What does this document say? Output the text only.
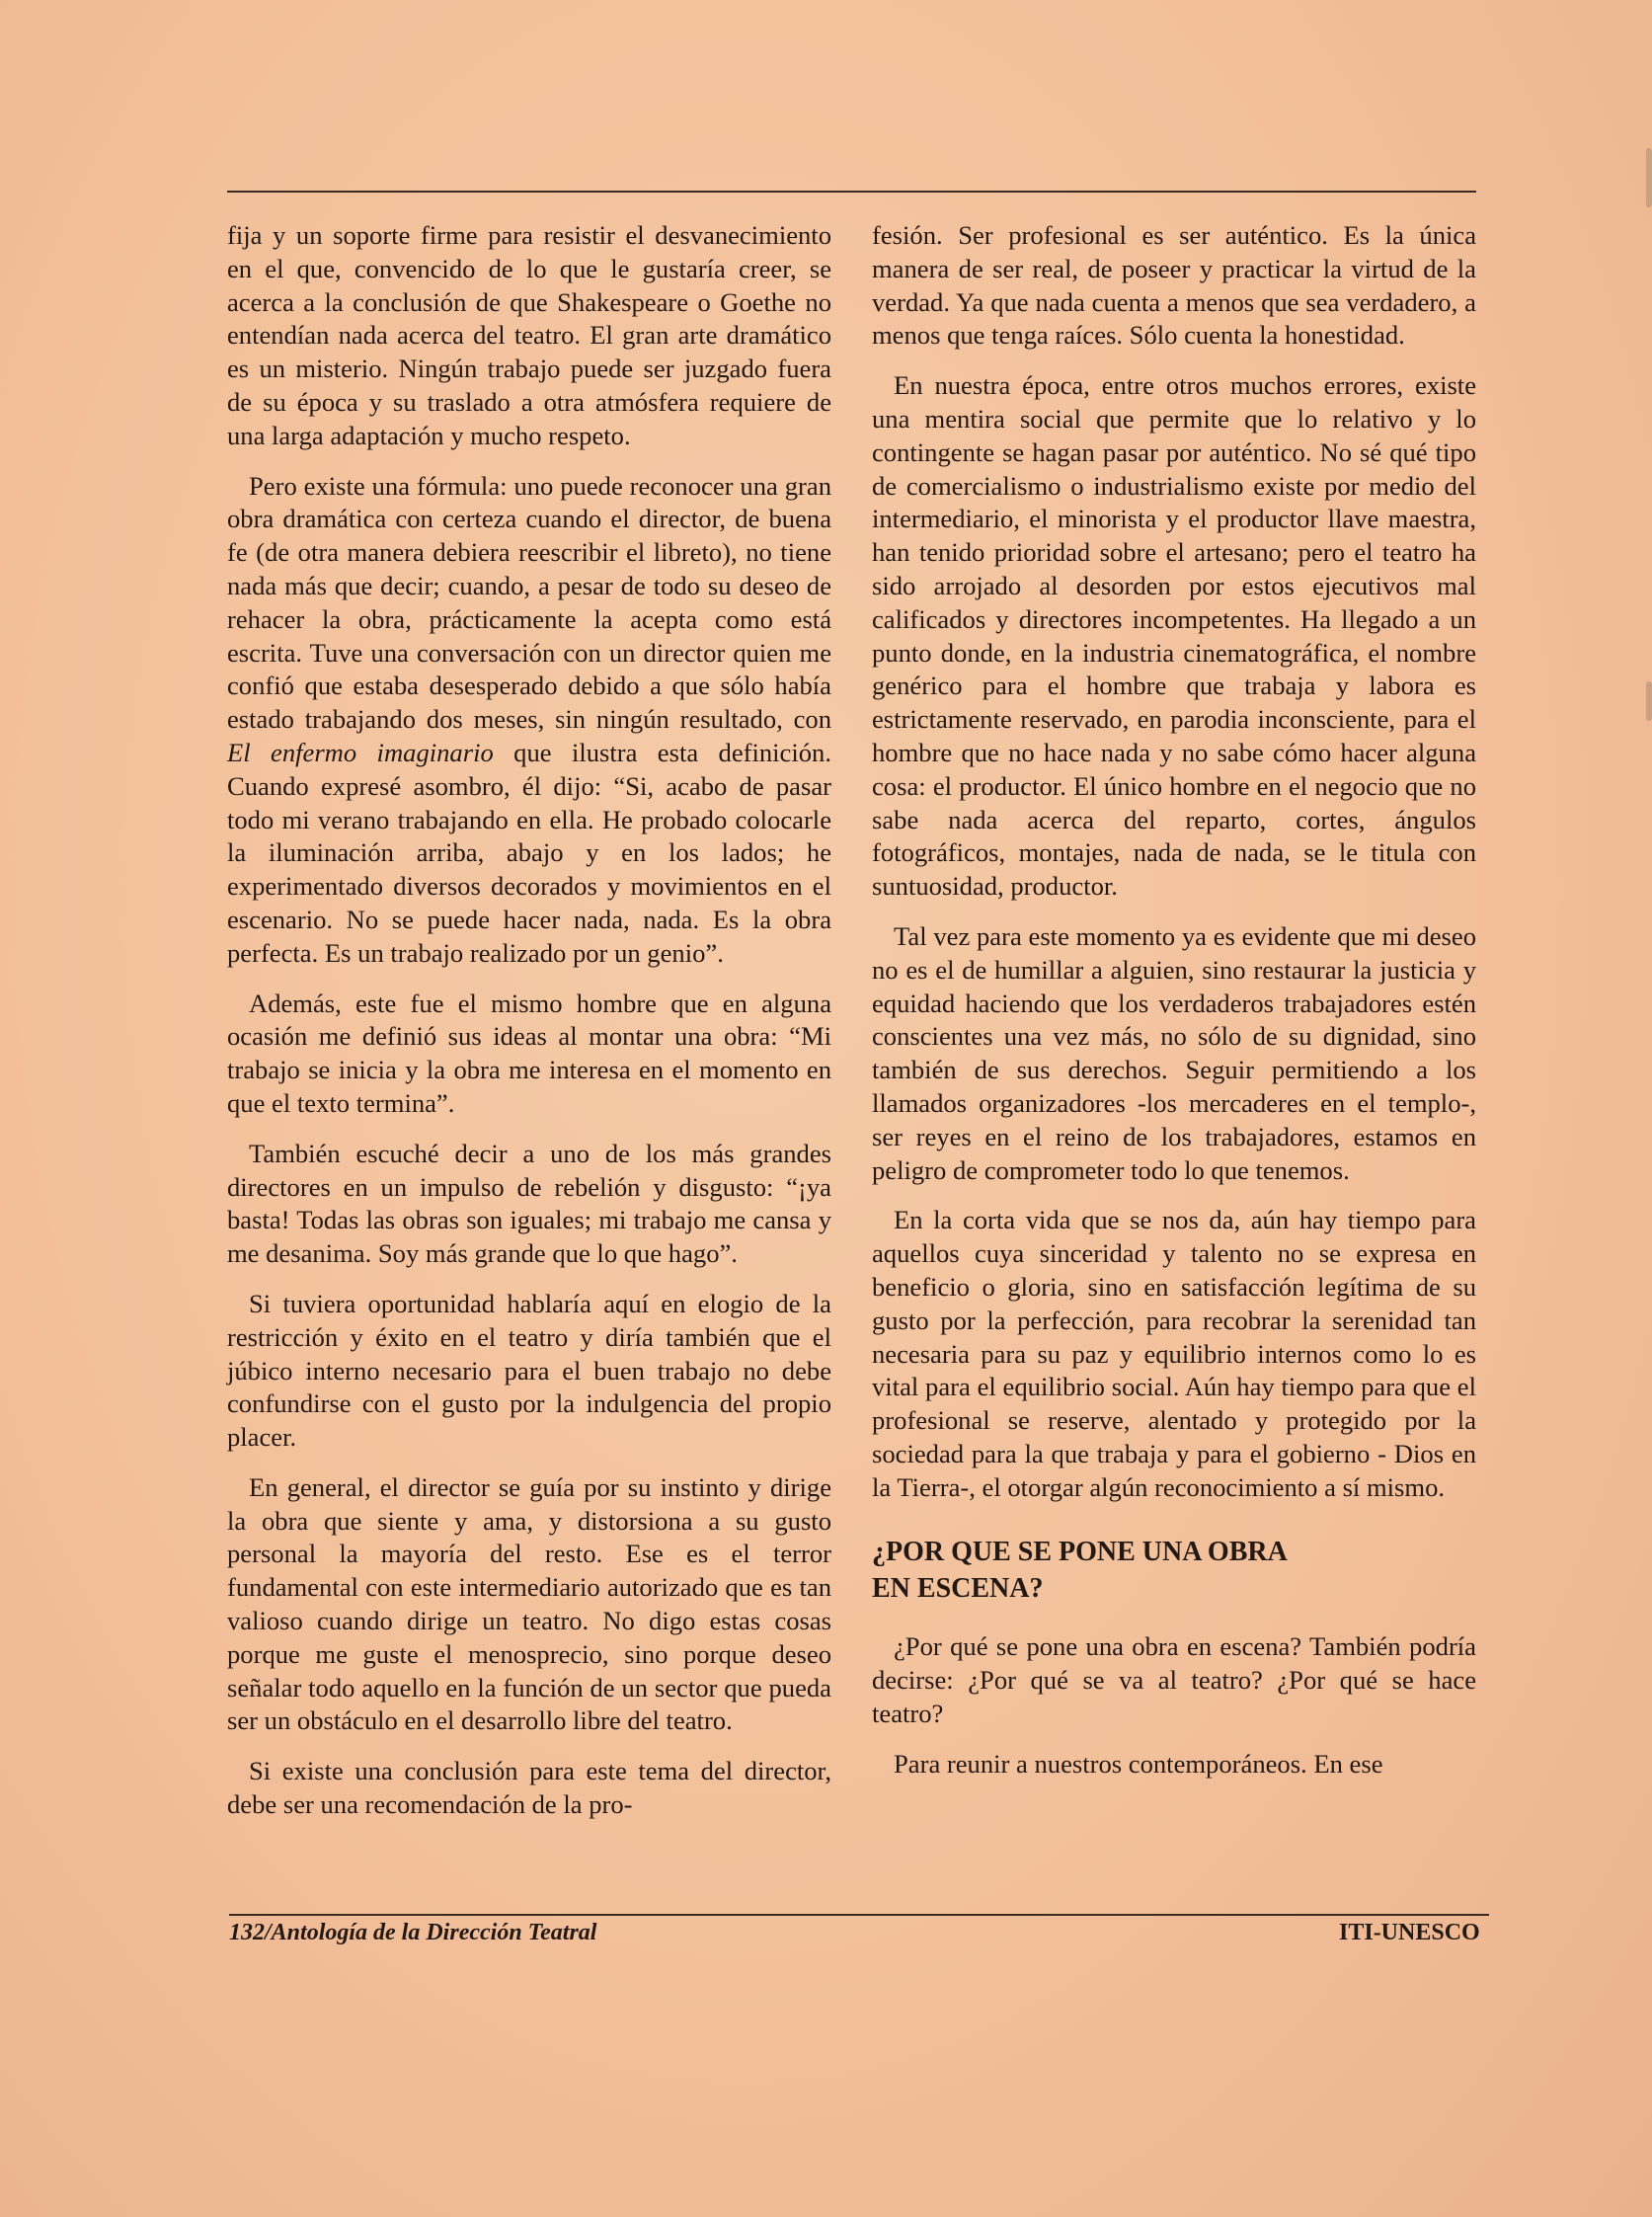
fija y un soporte firme para resistir el desvanecimiento en el que, convencido de lo que le gustaría creer, se acerca a la conclusión de que Shakespeare o Goethe no entendían nada acerca del teatro. El gran arte dramático es un misterio. Ningún trabajo puede ser juzgado fuera de su época y su traslado a otra atmósfera requiere de una larga adaptación y mucho respeto.

Pero existe una fórmula: uno puede reconocer una gran obra dramática con certeza cuando el director, de buena fe (de otra manera debiera reescribir el libreto), no tiene nada más que decir; cuando, a pesar de todo su deseo de rehacer la obra, prácticamente la acepta como está escrita. Tuve una conversación con un director quien me confió que estaba desesperado debido a que sólo había estado trabajando dos meses, sin ningún resultado, con El enfermo imaginario que ilustra esta definición. Cuando expresé asombro, él dijo: “Si, acabo de pasar todo mi verano trabajando en ella. He probado colocarle la iluminación arriba, abajo y en los lados; he experimentado diversos decorados y movimientos en el escenario. No se puede hacer nada, nada. Es la obra perfecta. Es un trabajo realizado por un genio”.

Además, este fue el mismo hombre que en alguna ocasión me definió sus ideas al montar una obra: “Mi trabajo se inicia y la obra me interesa en el momento en que el texto termina”.

También escuché decir a uno de los más grandes directores en un impulso de rebelión y disgusto: “¡ya basta! Todas las obras son iguales; mi trabajo me cansa y me desanima. Soy más grande que lo que hago”.

Si tuviera oportunidad hablaría aquí en elogio de la restricción y éxito en el teatro y diría también que el júbico interno necesario para el buen trabajo no debe confundirse con el gusto por la indulgencia del propio placer.

En general, el director se guía por su instinto y dirige la obra que siente y ama, y distorsiona a su gusto personal la mayoría del resto. Ese es el terror fundamental con este intermediario autorizado que es tan valioso cuando dirige un teatro. No digo estas cosas porque me guste el menosprecio, sino porque deseo señalar todo aquello en la función de un sector que pueda ser un obstáculo en el desarrollo libre del teatro.

Si existe una conclusión para este tema del director, debe ser una recomendación de la pro-

fesión. Ser profesional es ser auténtico. Es la única manera de ser real, de poseer y practicar la virtud de la verdad. Ya que nada cuenta a menos que sea verdadero, a menos que tenga raíces. Sólo cuenta la honestidad.

En nuestra época, entre otros muchos errores, existe una mentira social que permite que lo relativo y lo contingente se hagan pasar por auténtico. No sé qué tipo de comercialismo o industrialismo existe por medio del intermediario, el minorista y el productor llave maestra, han tenido prioridad sobre el artesano; pero el teatro ha sido arrojado al desorden por estos ejecutivos mal calificados y directores incompetentes. Ha llegado a un punto donde, en la industria cinematográfica, el nombre genérico para el hombre que trabaja y labora es estrictamente reservado, en parodia inconsciente, para el hombre que no hace nada y no sabe cómo hacer alguna cosa: el productor. El único hombre en el negocio que no sabe nada acerca del reparto, cortes, ángulos fotográficos, montajes, nada de nada, se le titula con suntuosidad, productor.

Tal vez para este momento ya es evidente que mi deseo no es el de humillar a alguien, sino restaurar la justicia y equidad haciendo que los verdaderos trabajadores estén conscientes una vez más, no sólo de su dignidad, sino también de sus derechos. Seguir permitiendo a los llamados organizadores -los mercaderes en el templo-, ser reyes en el reino de los trabajadores, estamos en peligro de comprometer todo lo que tenemos.

En la corta vida que se nos da, aún hay tiempo para aquellos cuya sinceridad y talento no se expresa en beneficio o gloria, sino en satisfacción legítima de su gusto por la perfección, para recobrar la serenidad tan necesaria para su paz y equilibrio internos como lo es vital para el equilibrio social. Aún hay tiempo para que el profesional se reserve, alentado y protegido por la sociedad para la que trabaja y para el gobierno - Dios en la Tierra-, el otorgar algún reconocimiento a sí mismo.

¿POR QUE SE PONE UNA OBRA
EN ESCENA?

¿Por qué se pone una obra en escena? También podría decirse: ¿Por qué se va al teatro? ¿Por qué se hace teatro?

Para reunir a nuestros contemporáneos. En ese

132/Antología de la Dirección Teatral	ITI-UNESCO
